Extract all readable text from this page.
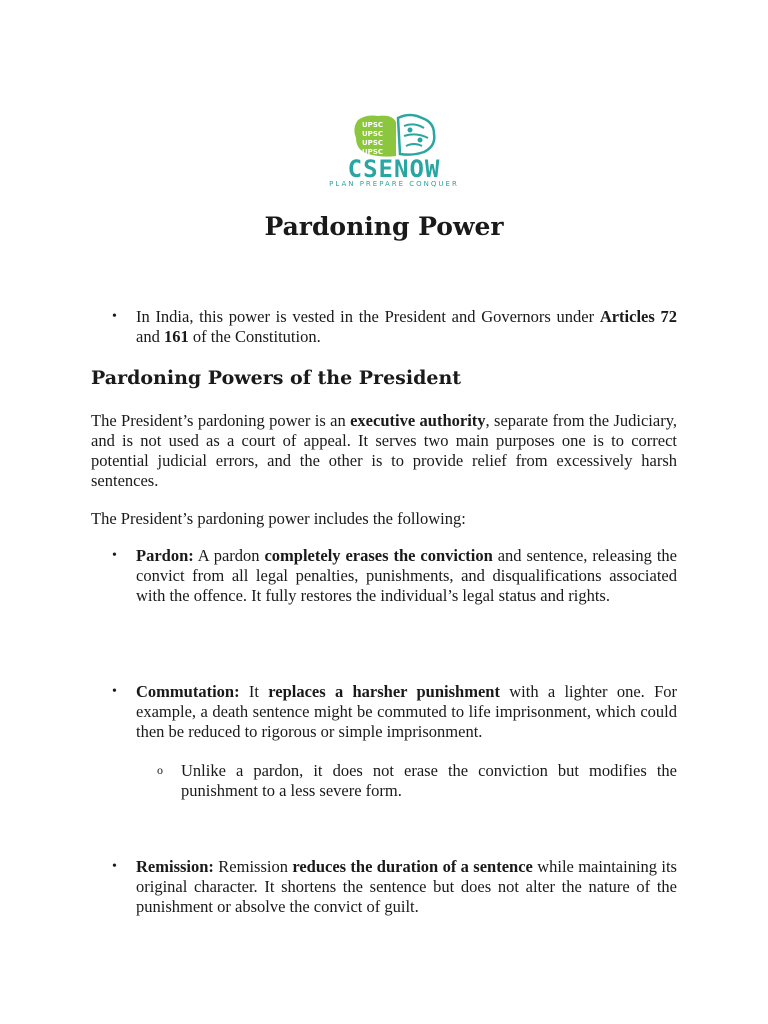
UPSC
UPSC
UPSC
UPSC
CSENOW
PLAN PREPARE CONQUER
Pardoning Power

• In India, this power is vested in the President and Governors under Articles 72 and 161 of the Constitution.

Pardoning Powers of the President

The President’s pardoning power is an executive authority, separate from the Judiciary, and is not used as a court of appeal. It serves two main purposes one is to correct potential judicial errors, and the other is to provide relief from excessively harsh sentences.

The President’s pardoning power includes the following:

• Pardon: A pardon completely erases the conviction and sentence, releasing the convict from all legal penalties, punishments, and disqualifications associated with the offence. It fully restores the individual’s legal status and rights.

• Commutation: It replaces a harsher punishment with a lighter one. For example, a death sentence might be commuted to life imprisonment, which could then be reduced to rigorous or simple imprisonment.

o Unlike a pardon, it does not erase the conviction but modifies the punishment to a less severe form.

• Remission: Remission reduces the duration of a sentence while maintaining its original character. It shortens the sentence but does not alter the nature of the punishment or absolve the convict of guilt.
